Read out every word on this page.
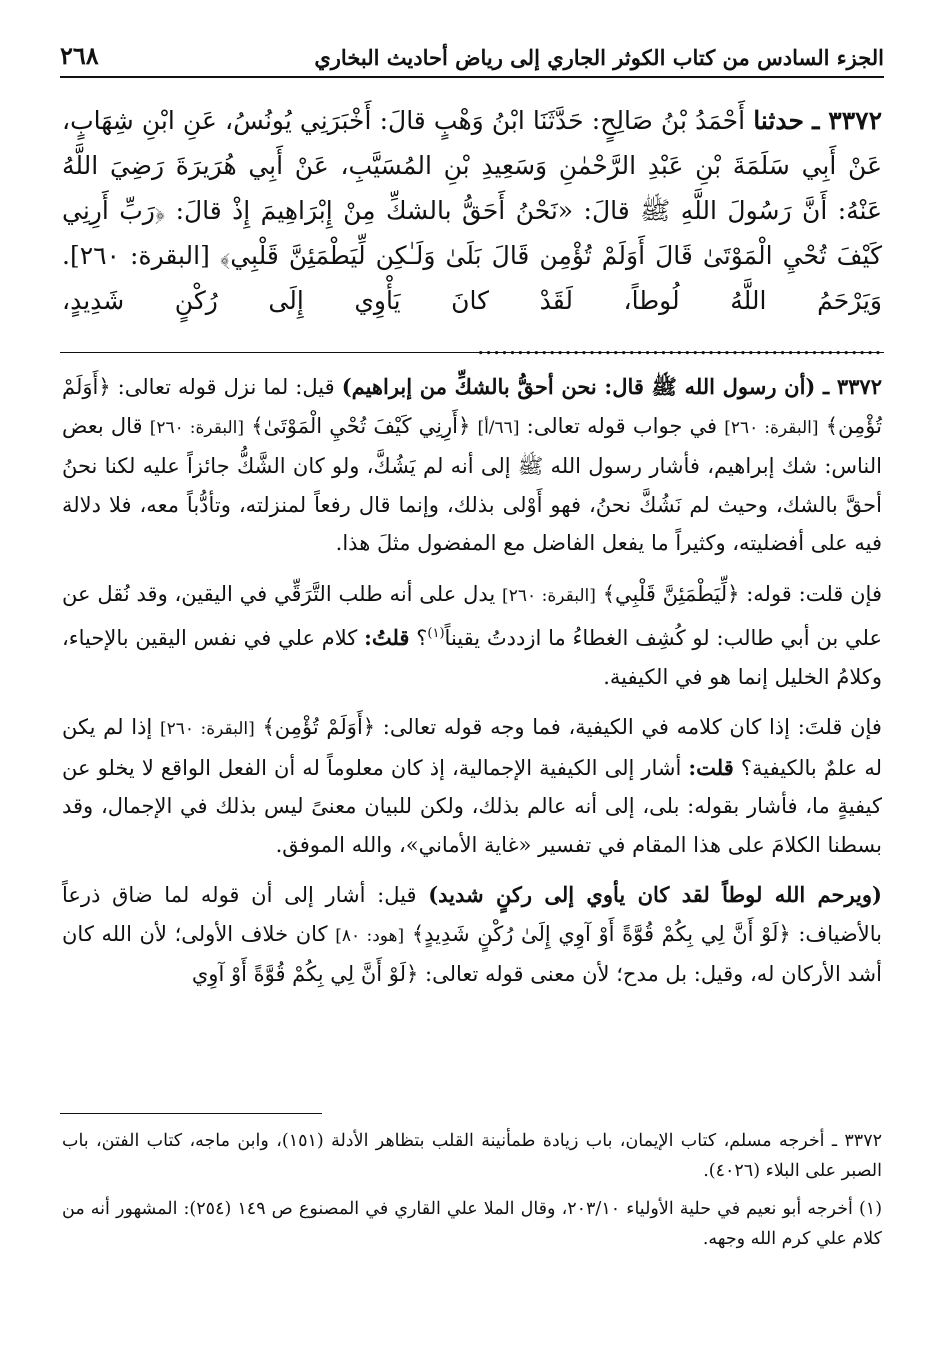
الجزء السادس من كتاب الكوثر الجاري إلى رياض أحاديث البخاري
٢٦٨
٣٣٧٢ ـ حدثنا أَحْمَدُ بْنُ صَالِحٍ: حَدَّثَنَا ابْنُ وَهْبٍ قالَ: أَخْبَرَنِي يُونُسُ، عَنِ ابْنِ شِهَابٍ، عَنْ أَبِي سَلَمَةَ بْنِ عَبْدِ الرَّحْمٰنِ وَسَعِيدِ بْنِ المُسَيَّبِ، عَنْ أَبِي هُرَيرَةَ رَضِيَ اللَّهُ عَنْهُ: أَنَّ رَسُولَ اللَّهِ ﷺ قالَ: «نَحْنُ أَحَقُّ بالشكِّ مِنْ إِبْرَاهِيمَ إِذْ قالَ: ﴿رَبِّ أَرِنِي كَيْفَ تُحْيِ الْمَوْتَىٰ قَالَ أَوَلَمْ تُؤْمِن قَالَ بَلَىٰ وَلَـٰكِن لِّيَطْمَئِنَّ قَلْبِي﴾ [البقرة: ٢٦٠]. وَيَرْحَمُ اللَّهُ لُوطاً، لَقَدْ كانَ يَأْوِي إِلَى رُكْنٍ شَدِيدٍ، ...................................................

٣٣٧٢ ـ (أن رسول الله ﷺ قال: نحن أحقُّ بالشكِّ من إبراهيم) قيل: لما نزل قوله تعالى: ﴿أَوَلَمْ تُؤْمِن﴾ [البقرة: ٢٦٠] في جواب قوله تعالى: [٦٦/أ] ﴿أَرِنِي كَيْفَ تُحْيِ الْمَوْتَىٰ﴾ [البقرة: ٢٦٠] قال بعض الناس: شك إبراهيم، فأشار رسول الله ﷺ إلى أنه لم يَشُكَّ، ولو كان الشَّكُّ جائزاً عليه لكنا نحنُ أحقَّ بالشك، وحيث لم نَشُكَّ نحنُ، فهو أَوْلى بذلك، وإنما قال رفعاً لمنزلته، وتأدُّباً معه، فلا دلالة فيه على أفضليته، وكثيراً ما يفعل الفاضل مع المفضول مثلَ هذا.

فإن قلت: قوله: ﴿لِّيَطْمَئِنَّ قَلْبِي﴾ [البقرة: ٢٦٠] يدل على أنه طلب التَّرَقِّي في اليقين، وقد نُقل عن علي بن أبي طالب: لو كُشِف الغطاءُ ما ازددتُ يقيناً$^{(١)}$؟ قلتُ: كلام علي في نفس اليقين بالإحياء، وكلامُ الخليل إنما هو في الكيفية.

فإن قلتَ: إذا كان كلامه في الكيفية، فما وجه قوله تعالى: ﴿أَوَلَمْ تُؤْمِن﴾ [البقرة: ٢٦٠] إذا لم يكن له علمٌ بالكيفية؟ قلت: أشار إلى الكيفية الإجمالية، إذ كان معلوماً له أن الفعل الواقع لا يخلو عن كيفيةٍ ما، فأشار بقوله: بلى، إلى أنه عالم بذلك، ولكن للبيان معنىً ليس بذلك في الإجمال، وقد بسطنا الكلامَ على هذا المقام في تفسير «غاية الأماني»، والله الموفق.

(ويرحم الله لوطاً لقد كان يأوي إلى ركنٍ شديد) قيل: أشار إلى أن قوله لما ضاق ذرعاً بالأضياف: ﴿لَوْ أَنَّ لِي بِكُمْ قُوَّةً أَوْ آوِي إِلَىٰ رُكْنٍ شَدِيدٍ﴾ [هود: ٨٠] كان خلاف الأولى؛ لأن الله كان أشد الأركان له، وقيل: بل مدح؛ لأن معنى قوله تعالى: ﴿لَوْ أَنَّ لِي بِكُمْ قُوَّةً أَوْ آوِي

٣٣٧٢ ـ أخرجه مسلم، كتاب الإيمان، باب زيادة طمأنينة القلب بتظاهر الأدلة (١٥١)، وابن ماجه، كتاب الفتن، باب الصبر على البلاء (٤٠٢٦).

(١) أخرجه أبو نعيم في حلية الأولياء ٢٠٣/١٠، وقال الملا علي القاري في المصنوع ص ١٤٩ (٢٥٤): المشهور أنه من كلام علي كرم الله وجهه.
